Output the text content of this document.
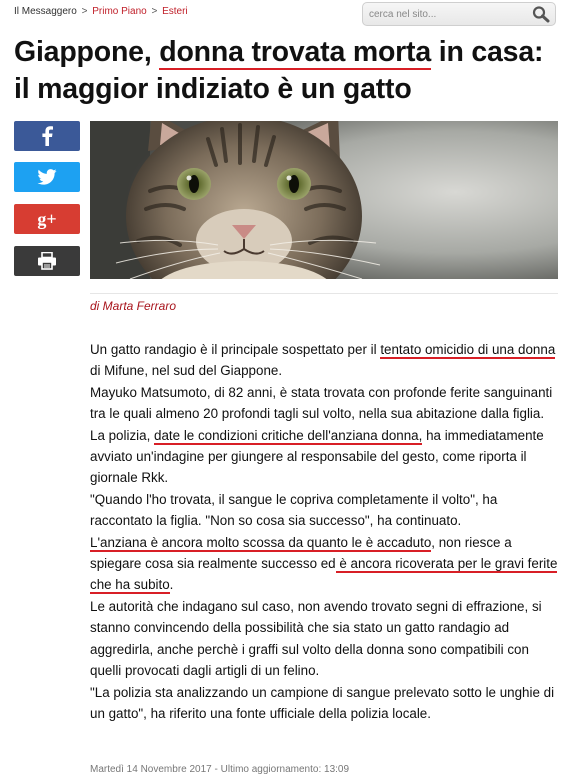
Il Messaggero > Primo Piano > Esteri
cerca nel sito...
Giappone, donna trovata morta in casa: il maggior indiziato è un gatto
g+
di Marta Ferraro

Un gatto randagio è il principale sospettato per il tentato omicidio di una donna di Mifune, nel sud del Giappone.

Mayuko Matsumoto, di 82 anni, è stata trovata con profonde ferite sanguinanti tra le quali almeno 20 profondi tagli sul volto, nella sua abitazione dalla figlia.

La polizia, date le condizioni critiche dell'anziana donna, ha immediatamente avviato un'indagine per giungere al responsabile del gesto, come riporta il giornale Rkk.

"Quando l'ho trovata, il sangue le copriva completamente il volto", ha raccontato la figlia. "Non so cosa sia successo", ha continuato.

L'anziana è ancora molto scossa da quanto le è accaduto, non riesce a spiegare cosa sia realmente successo ed è ancora ricoverata per le gravi ferite che ha subito.

Le autorità che indagano sul caso, non avendo trovato segni di effrazione, si stanno convincendo della possibilità che sia stato un gatto randagio ad aggredirla, anche perchè i graffi sul volto della donna sono compatibili con quelli provocati dagli artigli di un felino.

"La polizia sta analizzando un campione di sangue prelevato sotto le unghie di un gatto", ha riferito una fonte ufficiale della polizia locale.

Martedì 14 Novembre 2017 - Ultimo aggiornamento: 13:09
